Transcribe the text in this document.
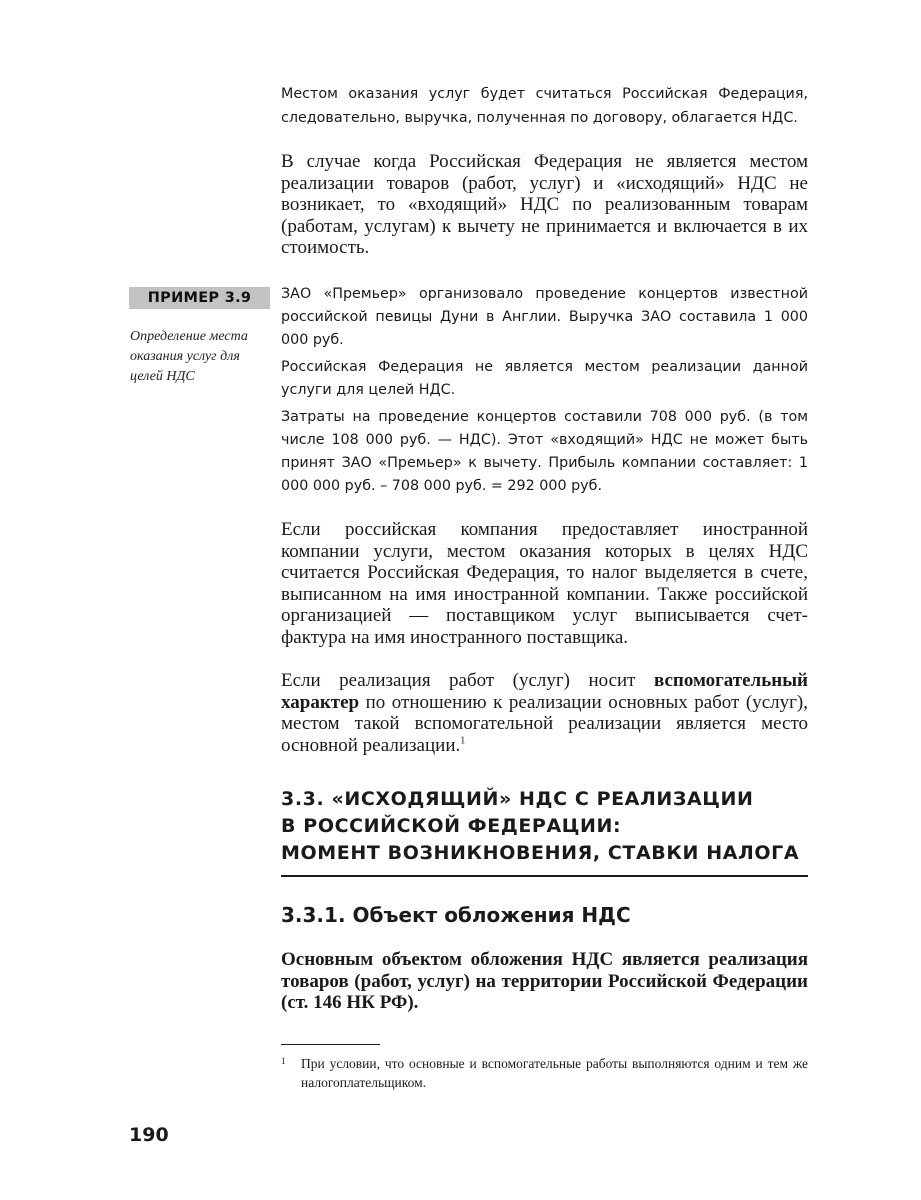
Местом оказания услуг будет считаться Российская Федерация, следовательно, выручка, полученная по договору, облагается НДС.

В случае когда Российская Федерация не является местом реализации товаров (работ, услуг) и «исходящий» НДС не возникает, то «входящий» НДС по реализованным товарам (работам, услугам) к вычету не принимается и включается в их стоимость.

ПРИМЕР 3.9
Определение места оказания услуг для целей НДС

ЗАО «Премьер» организовало проведение концертов известной российской певицы Дуни в Англии. Выручка ЗАО составила 1 000 000 руб.

Российская Федерация не является местом реализации данной услуги для целей НДС.

Затраты на проведение концертов составили 708 000 руб. (в том числе 108 000 руб. — НДС). Этот «входящий» НДС не может быть принят ЗАО «Премьер» к вычету. Прибыль компании составляет: 1 000 000 руб. – 708 000 руб. = 292 000 руб.

Если российская компания предоставляет иностранной компании услуги, местом оказания которых в целях НДС считается Российская Федерация, то налог выделяется в счете, выписанном на имя иностранной компании. Также российской организацией — поставщиком услуг выписывается счет-фактура на имя иностранного поставщика.

Если реализация работ (услуг) носит вспомогательный характер по отношению к реализации основных работ (услуг), местом такой вспомогательной реализации является место основной реализации.$^1$

3.3. «ИСХОДЯЩИЙ» НДС С РЕАЛИЗАЦИИ
В РОССИЙСКОЙ ФЕДЕРАЦИИ:
МОМЕНТ ВОЗНИКНОВЕНИЯ, СТАВКИ НАЛОГА
3.3.1. Объект обложения НДС

Основным объектом обложения НДС является реализация товаров (работ, услуг) на территории Российской Федерации (ст. 146 НК РФ).

1 При условии, что основные и вспомогательные работы выполняются одним и тем же налогоплательщиком.
190
